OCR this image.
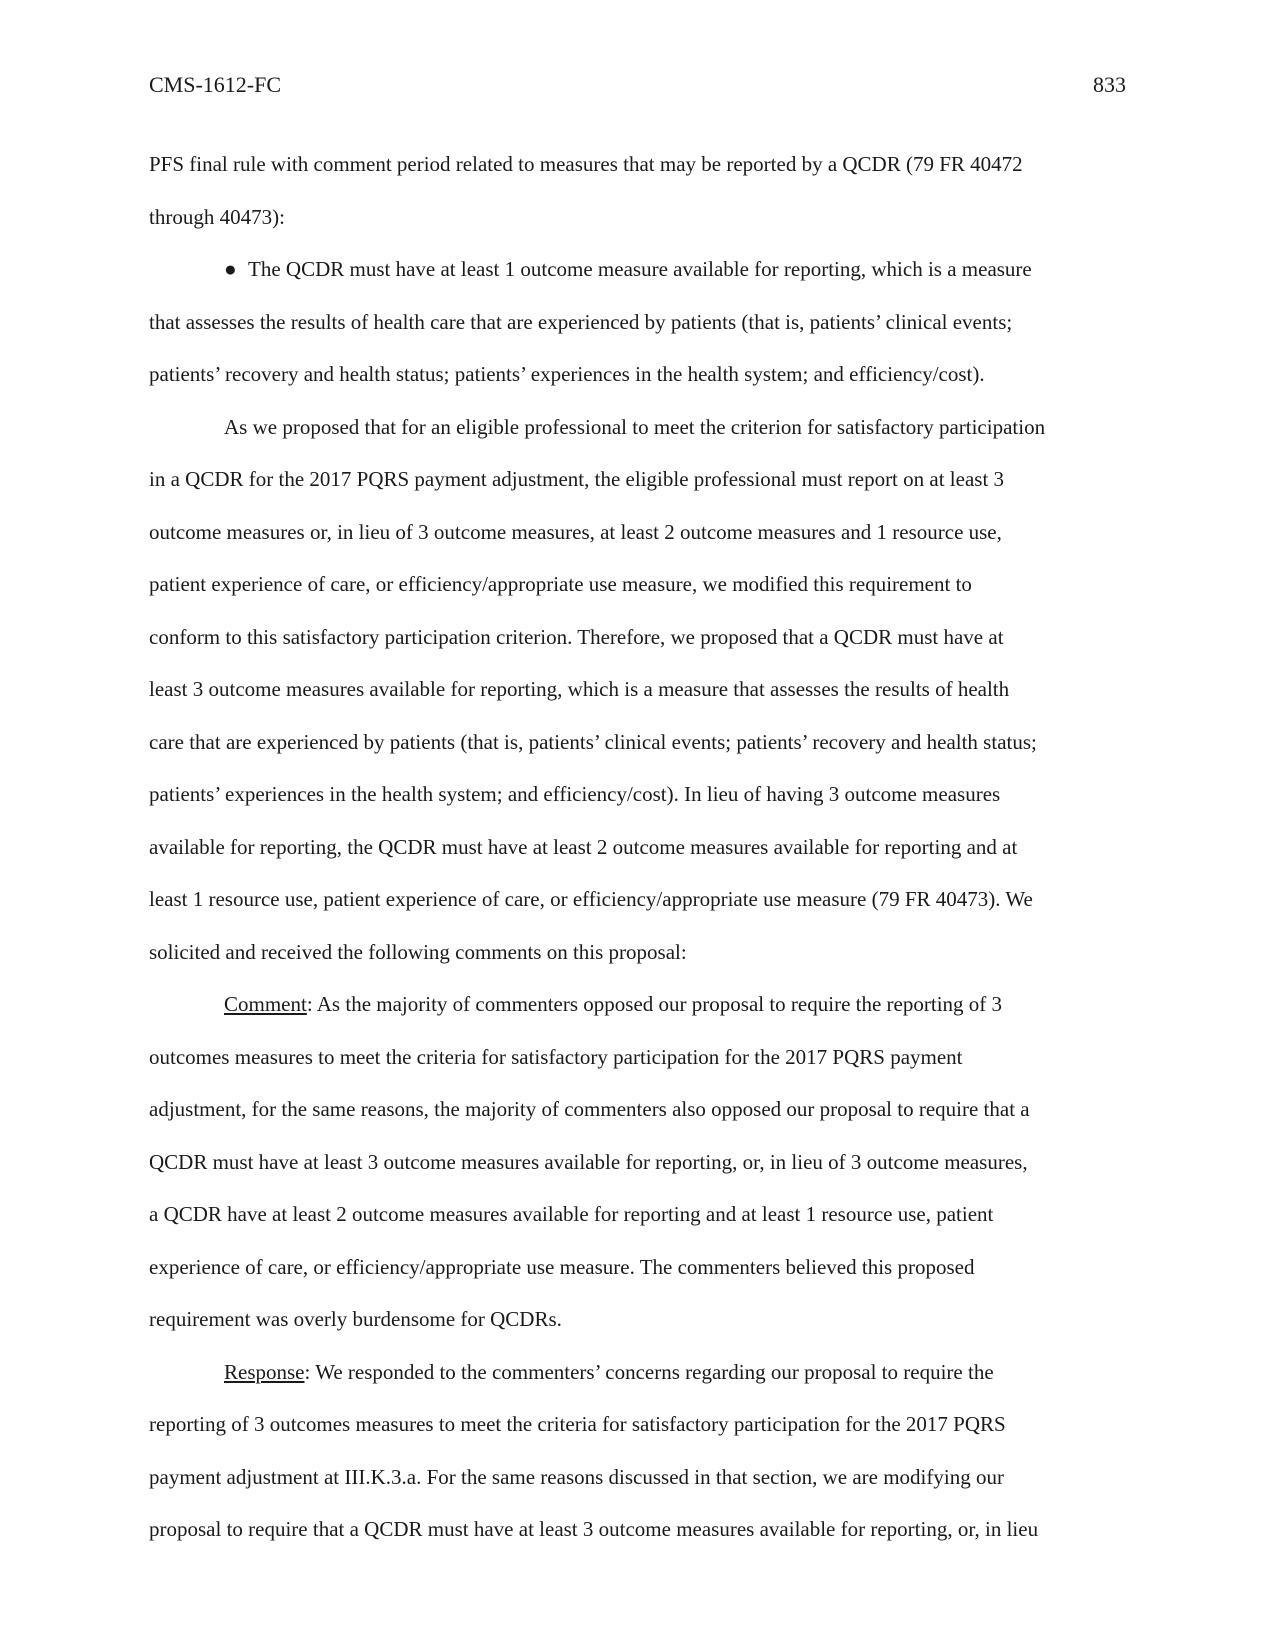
CMS-1612-FC	833
PFS final rule with comment period related to measures that may be reported by a QCDR (79 FR 40472
through 40473):
● The QCDR must have at least 1 outcome measure available for reporting, which is a measure
that assesses the results of health care that are experienced by patients (that is, patients’ clinical events;
patients’ recovery and health status; patients’ experiences in the health system; and efficiency/cost).
As we proposed that for an eligible professional to meet the criterion for satisfactory participation
in a QCDR for the 2017 PQRS payment adjustment, the eligible professional must report on at least 3
outcome measures or, in lieu of 3 outcome measures, at least 2 outcome measures and 1 resource use,
patient experience of care, or efficiency/appropriate use measure, we modified this requirement to
conform to this satisfactory participation criterion. Therefore, we proposed that a QCDR must have at
least 3 outcome measures available for reporting, which is a measure that assesses the results of health
care that are experienced by patients (that is, patients’ clinical events; patients’ recovery and health status;
patients’ experiences in the health system; and efficiency/cost). In lieu of having 3 outcome measures
available for reporting, the QCDR must have at least 2 outcome measures available for reporting and at
least 1 resource use, patient experience of care, or efficiency/appropriate use measure (79 FR 40473). We
solicited and received the following comments on this proposal:
Comment: As the majority of commenters opposed our proposal to require the reporting of 3
outcomes measures to meet the criteria for satisfactory participation for the 2017 PQRS payment
adjustment, for the same reasons, the majority of commenters also opposed our proposal to require that a
QCDR must have at least 3 outcome measures available for reporting, or, in lieu of 3 outcome measures,
a QCDR have at least 2 outcome measures available for reporting and at least 1 resource use, patient
experience of care, or efficiency/appropriate use measure. The commenters believed this proposed
requirement was overly burdensome for QCDRs.
Response: We responded to the commenters’ concerns regarding our proposal to require the
reporting of 3 outcomes measures to meet the criteria for satisfactory participation for the 2017 PQRS
payment adjustment at III.K.3.a. For the same reasons discussed in that section, we are modifying our
proposal to require that a QCDR must have at least 3 outcome measures available for reporting, or, in lieu
